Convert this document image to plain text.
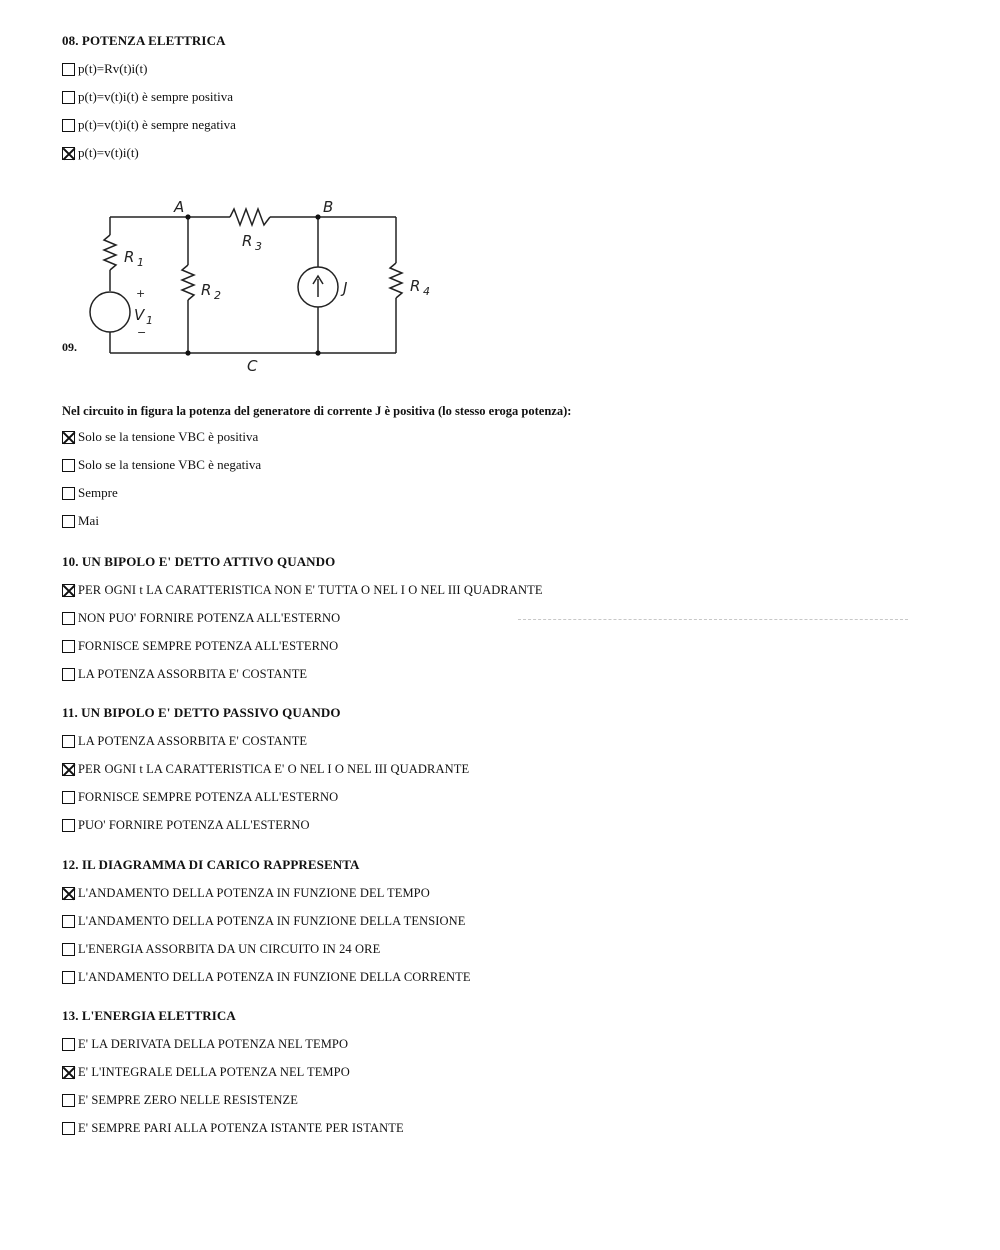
08. POTENZA ELETTRICA
p(t)=Rv(t)i(t)
p(t)=v(t)i(t) è sempre positiva
p(t)=v(t)i(t) è sempre negativa
p(t)=v(t)i(t)
09.
A	B
C
R 1
R 2
R 3
R 4
+
V 1
−
J
Nel circuito in figura la potenza del generatore di corrente J è positiva (lo stesso eroga potenza):
Solo se la tensione VBC è positiva
Solo se la tensione VBC è negativa
Sempre
Mai
10. UN BIPOLO E' DETTO ATTIVO QUANDO
PER OGNI t LA CARATTERISTICA NON E' TUTTA O NEL I O NEL III QUADRANTE
NON PUO' FORNIRE POTENZA ALL'ESTERNO
FORNISCE SEMPRE POTENZA ALL'ESTERNO
LA POTENZA ASSORBITA E' COSTANTE
11. UN BIPOLO E' DETTO PASSIVO QUANDO
LA POTENZA ASSORBITA E' COSTANTE
PER OGNI t LA CARATTERISTICA E' O NEL I O NEL III QUADRANTE
FORNISCE SEMPRE POTENZA ALL'ESTERNO
PUO' FORNIRE POTENZA ALL'ESTERNO
12. IL DIAGRAMMA DI CARICO RAPPRESENTA
L'ANDAMENTO DELLA POTENZA IN FUNZIONE DEL TEMPO
L'ANDAMENTO DELLA POTENZA IN FUNZIONE DELLA TENSIONE
L'ENERGIA ASSORBITA DA UN CIRCUITO IN 24 ORE
L'ANDAMENTO DELLA POTENZA IN FUNZIONE DELLA CORRENTE
13. L'ENERGIA ELETTRICA
E' LA DERIVATA DELLA POTENZA NEL TEMPO
E' L'INTEGRALE DELLA POTENZA NEL TEMPO
E' SEMPRE ZERO NELLE RESISTENZE
E' SEMPRE PARI ALLA POTENZA ISTANTE PER ISTANTE
